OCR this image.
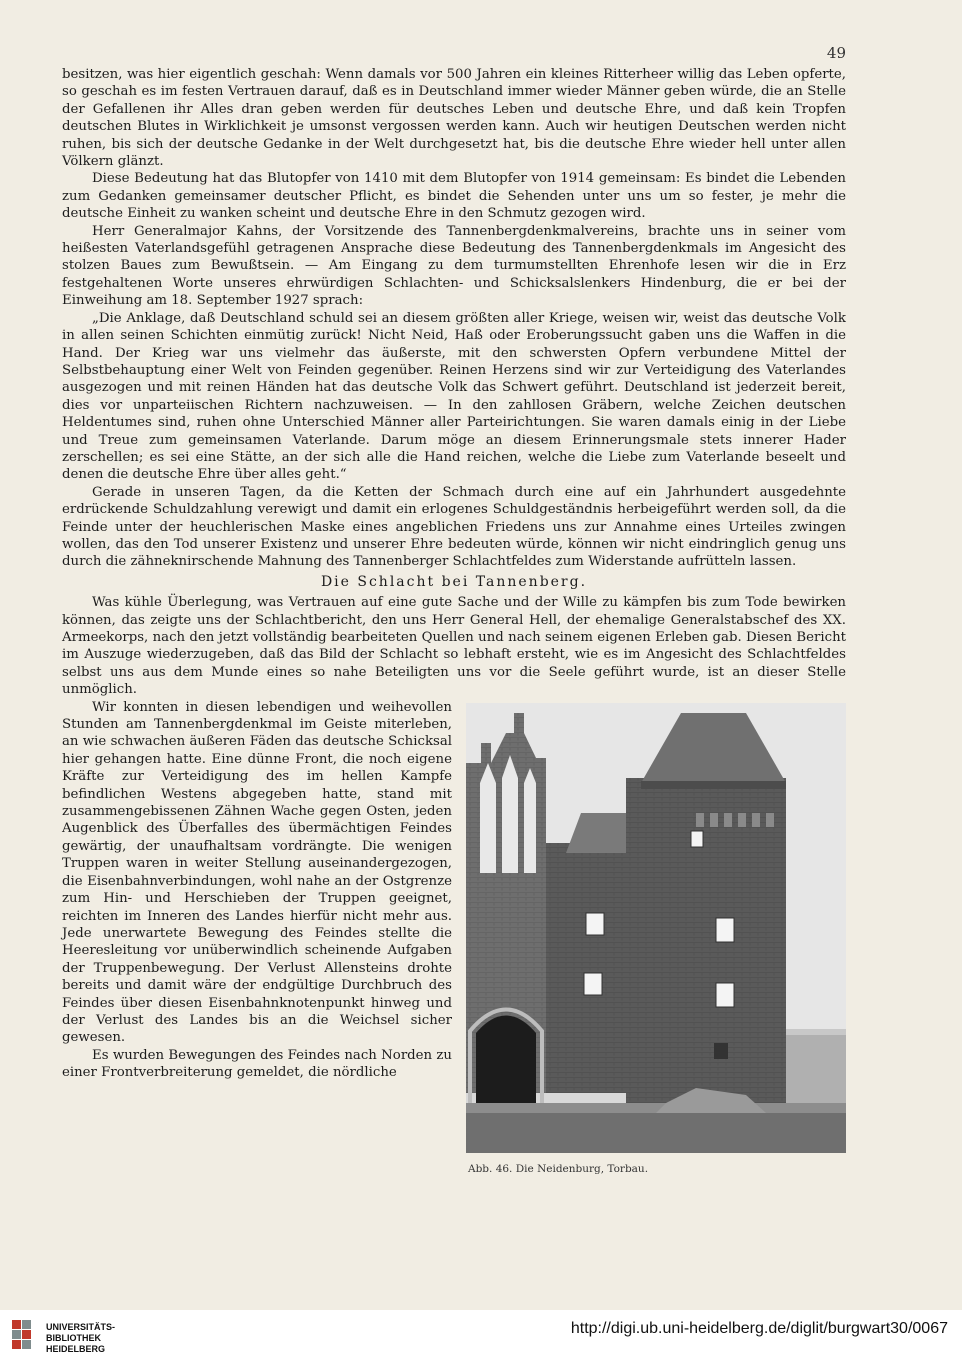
49

besitzen, was hier eigentlich geschah: Wenn damals vor 500 Jahren ein kleines Ritterheer willig das Leben opferte, so geschah es im festen Vertrauen darauf, daß es in Deutschland immer wieder Männer geben würde, die an Stelle der Gefallenen ihr Alles dran geben werden für deutsches Leben und deutsche Ehre, und daß kein Tropfen deutschen Blutes in Wirklichkeit je umsonst vergossen werden kann. Auch wir heutigen Deutschen werden nicht ruhen, bis sich der deutsche Gedanke in der Welt durchgesetzt hat, bis die deutsche Ehre wieder hell unter allen Völkern glänzt.

Diese Bedeutung hat das Blutopfer von 1410 mit dem Blutopfer von 1914 gemeinsam: Es bindet die Lebenden zum Gedanken gemeinsamer deutscher Pflicht, es bindet die Sehenden unter uns um so fester, je mehr die deutsche Einheit zu wanken scheint und deutsche Ehre in den Schmutz gezogen wird.

Herr Generalmajor Kahns, der Vorsitzende des Tannenbergdenkmalvereins, brachte uns in seiner vom heißesten Vaterlandsgefühl getragenen Ansprache diese Bedeutung des Tannenbergdenkmals im Angesicht des stolzen Baues zum Bewußtsein. — Am Eingang zu dem turmumstellten Ehrenhofe lesen wir die in Erz festgehaltenen Worte unseres ehrwürdigen Schlachten- und Schicksalslenkers Hindenburg, die er bei der Einweihung am 18. September 1927 sprach:

„Die Anklage, daß Deutschland schuld sei an diesem größten aller Kriege, weisen wir, weist das deutsche Volk in allen seinen Schichten einmütig zurück! Nicht Neid, Haß oder Eroberungssucht gaben uns die Waffen in die Hand. Der Krieg war uns vielmehr das äußerste, mit den schwersten Opfern verbundene Mittel der Selbstbehauptung einer Welt von Feinden gegenüber. Reinen Herzens sind wir zur Verteidigung des Vaterlandes ausgezogen und mit reinen Händen hat das deutsche Volk das Schwert geführt. Deutschland ist jederzeit bereit, dies vor unparteiischen Richtern nachzuweisen. — In den zahllosen Gräbern, welche Zeichen deutschen Heldentumes sind, ruhen ohne Unterschied Männer aller Parteirichtungen. Sie waren damals einig in der Liebe und Treue zum gemeinsamen Vaterlande. Darum möge an diesem Erinnerungsmale stets innerer Hader zerschellen; es sei eine Stätte, an der sich alle die Hand reichen, welche die Liebe zum Vaterlande beseelt und denen die deutsche Ehre über alles geht.“

Gerade in unseren Tagen, da die Ketten der Schmach durch eine auf ein Jahrhundert ausgedehnte erdrückende Schuldzahlung verewigt und damit ein erlogenes Schuldgeständnis herbeigeführt werden soll, da die Feinde unter der heuchlerischen Maske eines angeblichen Friedens uns zur Annahme eines Urteiles zwingen wollen, das den Tod unserer Existenz und unserer Ehre bedeuten würde, können wir nicht eindringlich genug uns durch die zähneknirschende Mahnung des Tannenberger Schlachtfeldes zum Widerstande aufrütteln lassen.

Die Schlacht bei Tannenberg.

Was kühle Überlegung, was Vertrauen auf eine gute Sache und der Wille zu kämpfen bis zum Tode bewirken können, das zeigte uns der Schlachtbericht, den uns Herr General Hell, der ehemalige Generalstabschef des XX. Armeekorps, nach den jetzt vollständig bearbeiteten Quellen und nach seinem eigenen Erleben gab. Diesen Bericht im Auszuge wiederzugeben, daß das Bild der Schlacht so lebhaft ersteht, wie es im Angesicht des Schlachtfeldes selbst uns aus dem Munde eines so nahe Beteiligten uns vor die Seele geführt wurde, ist an dieser Stelle unmöglich.

Abb. 46. Die Neidenburg, Torbau.

Wir konnten in diesen lebendigen und weihevollen Stunden am Tannenbergdenkmal im Geiste miterleben, an wie schwachen äußeren Fäden das deutsche Schicksal hier gehangen hatte. Eine dünne Front, die noch eigene Kräfte zur Verteidigung des im hellen Kampfe befindlichen Westens abgegeben hatte, stand mit zusammengebissenen Zähnen Wache gegen Osten, jeden Augenblick des Überfalles des übermächtigen Feindes gewärtig, der unaufhaltsam vordrängte. Die wenigen Truppen waren in weiter Stellung auseinandergezogen, die Eisenbahnverbindungen, wohl nahe an der Ostgrenze zum Hin- und Herschieben der Truppen geeignet, reichten im Inneren des Landes hierfür nicht mehr aus. Jede unerwartete Bewegung des Feindes stellte die Heeresleitung vor unüberwindlich scheinende Aufgaben der Truppenbewegung. Der Verlust Allensteins drohte bereits und damit wäre der endgültige Durchbruch des Feindes über diesen Eisenbahnknotenpunkt hinweg und der Verlust des Landes bis an die Weichsel sicher gewesen.

Es wurden Bewegungen des Feindes nach Norden zu einer Frontverbreiterung gemeldet, die nördliche

UNIVERSITÄTS-
BIBLIOTHEK
HEIDELBERG
http://digi.ub.uni-heidelberg.de/diglit/burgwart30/0067
